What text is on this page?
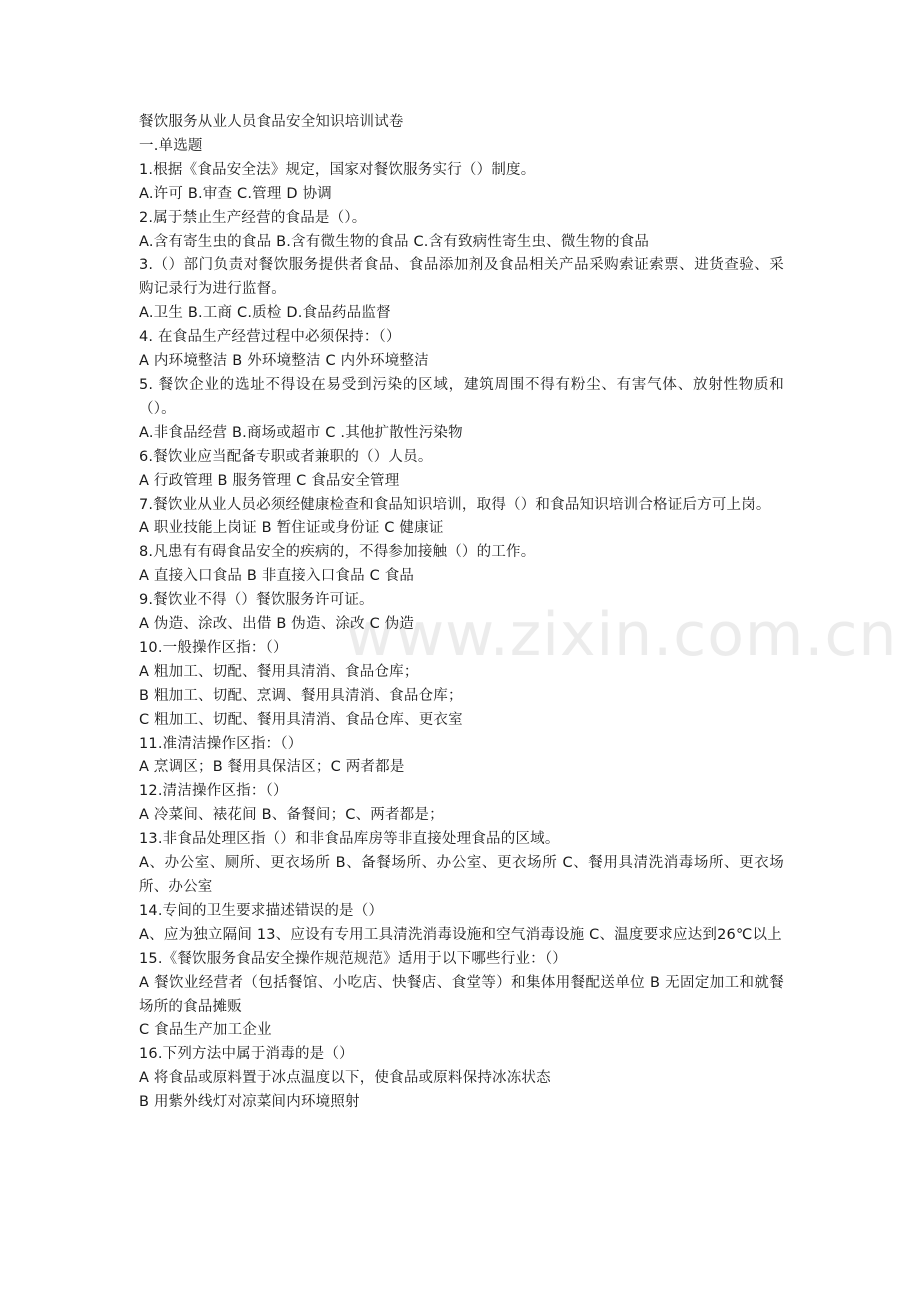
www.zixin.com.cn
餐饮服务从业人员食品安全知识培训试卷
一.单选题
1.根据《食品安全法》规定，国家对餐饮服务实行（）制度。
A.许可 B.审查 C.管理 D 协调
2.属于禁止生产经营的食品是（）。
A.含有寄生虫的食品 B.含有微生物的食品 C.含有致病性寄生虫、微生物的食品
3.（）部门负责对餐饮服务提供者食品、食品添加剂及食品相关产品采购索证索票、进货查验、采购记录行为进行监督。
A.卫生 B.工商 C.质检 D.食品药品监督
4. 在食品生产经营过程中必须保持：（）
A 内环境整洁 B 外环境整洁 C 内外环境整洁
5. 餐饮企业的选址不得设在易受到污染的区域，建筑周围不得有粉尘、有害气体、放射性物质和（）。
A.非食品经营 B.商场或超市 C .其他扩散性污染物
6.餐饮业应当配备专职或者兼职的（）人员。
A 行政管理 B 服务管理 C 食品安全管理
7.餐饮业从业人员必须经健康检查和食品知识培训，取得（）和食品知识培训合格证后方可上岗。
A 职业技能上岗证 B 暂住证或身份证 C 健康证
8.凡患有有碍食品安全的疾病的，不得参加接触（）的工作。
A 直接入口食品 B 非直接入口食品 C 食品
9.餐饮业不得（）餐饮服务许可证。
A 伪造、涂改、出借 B 伪造、涂改 C 伪造
10.一般操作区指：（）
A 粗加工、切配、餐用具清消、食品仓库；
B 粗加工、切配、烹调、餐用具清消、食品仓库；
C 粗加工、切配、餐用具清消、食品仓库、更衣室
11.准清洁操作区指：（）
A 烹调区；B 餐用具保洁区；C 两者都是
12.清洁操作区指：（）
A 冷菜间、裱花间 B、备餐间；C、两者都是；
13.非食品处理区指（）和非食品库房等非直接处理食品的区域。
A、办公室、厕所、更衣场所 B、备餐场所、办公室、更衣场所 C、餐用具清洗消毒场所、更衣场所、办公室
14.专间的卫生要求描述错误的是（）
A、应为独立隔间 13、应设有专用工具清洗消毒设施和空气消毒设施 C、温度要求应达到26℃以上
15.《餐饮服务食品安全操作规范规范》适用于以下哪些行业：（）
A 餐饮业经营者（包括餐馆、小吃店、快餐店、食堂等）和集体用餐配送单位 B 无固定加工和就餐场所的食品摊贩
C 食品生产加工企业
16.下列方法中属于消毒的是（）
A 将食品或原料置于冰点温度以下，使食品或原料保持冰冻状态
B 用紫外线灯对凉菜间内环境照射
